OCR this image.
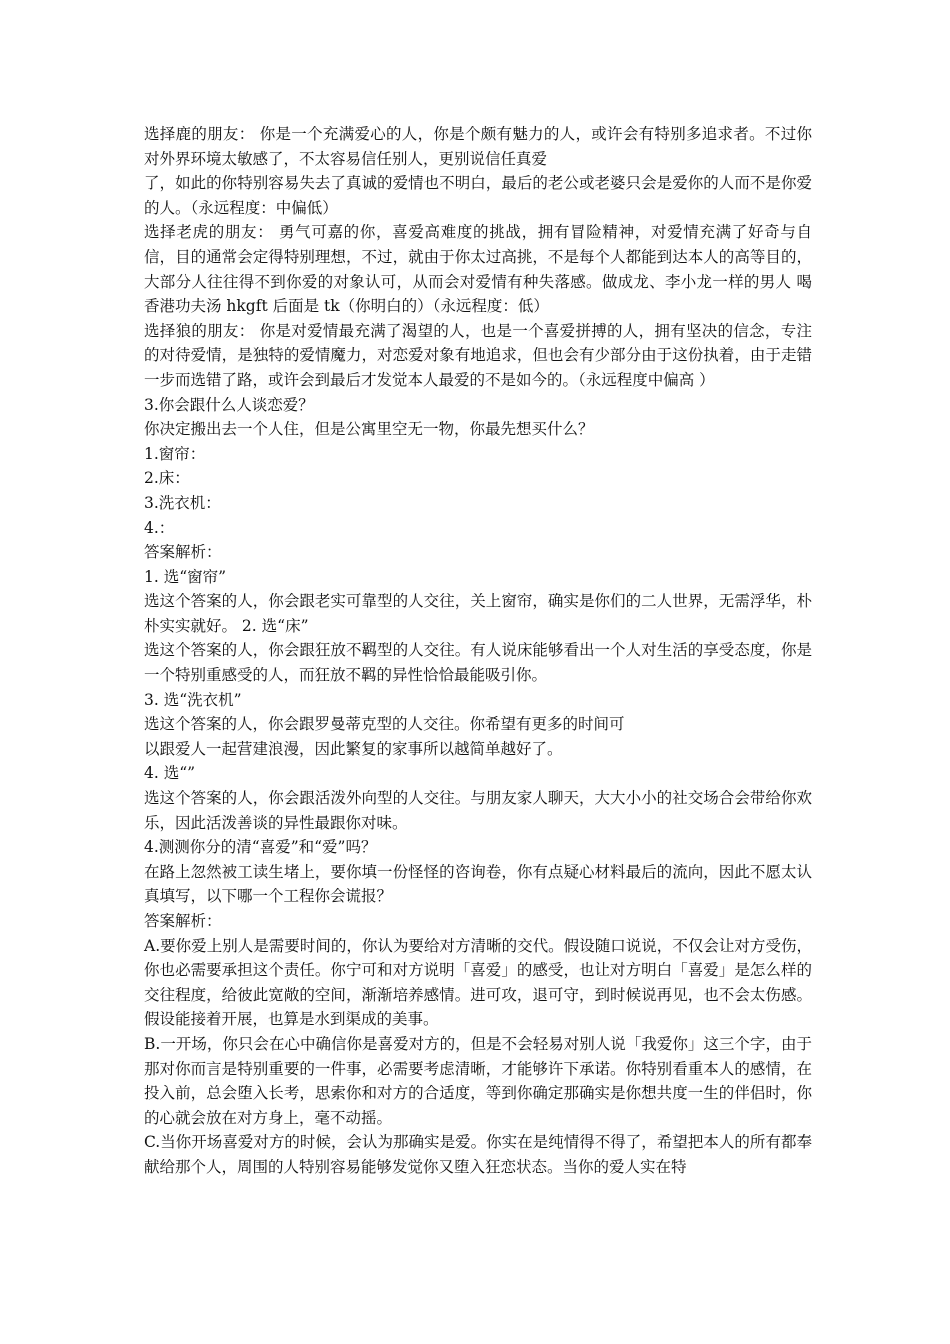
选择鹿的朋友： 你是一个充满爱心的人，你是个颇有魅力的人，或许会有特别多追求者。不过你对外界环境太敏感了，不太容易信任别人，更别说信任真爱

了，如此的你特别容易失去了真诚的爱情也不明白，最后的老公或老婆只会是爱你的人而不是你爱的人。（永远程度：中偏低）

选择老虎的朋友： 勇气可嘉的你，喜爱高难度的挑战，拥有冒险精神，对爱情充满了好奇与自信，目的通常会定得特别理想，不过，就由于你太过高挑，不是每个人都能到达本人的高等目的，大部分人往往得不到你爱的对象认可，从而会对爱情有种失落感。做成龙、李小龙一样的男人 喝香港功夫汤 hkgft 后面是 tk（你明白的）（永远程度：低）

选择狼的朋友： 你是对爱情最充满了渴望的人，也是一个喜爱拼搏的人，拥有坚决的信念，专注的对待爱情，是独特的爱情魔力，对恋爱对象有地追求，但也会有少部分由于这份执着，由于走错一步而选错了路，或许会到最后才发觉本人最爱的不是如今的。（永远程度中偏高 ）

3.你会跟什么人谈恋爱？

你决定搬出去一个人住，但是公寓里空无一物，你最先想买什么？

1.窗帘：

2.床：

3.洗衣机：

4.：

答案解析：

1. 选“窗帘”

选这个答案的人，你会跟老实可靠型的人交往，关上窗帘，确实是你们的二人世界，无需浮华，朴朴实实就好。 2. 选“床”

选这个答案的人，你会跟狂放不羁型的人交往。有人说床能够看出一个人对生活的享受态度，你是一个特别重感受的人，而狂放不羁的异性恰恰最能吸引你。

3. 选“洗衣机”

选这个答案的人，你会跟罗曼蒂克型的人交往。你希望有更多的时间可

以跟爱人一起营建浪漫，因此繁复的家事所以越简单越好了。

4. 选“”

选这个答案的人，你会跟活泼外向型的人交往。与朋友家人聊天，大大小小的社交场合会带给你欢乐，因此活泼善谈的异性最跟你对味。

4.测测你分的清“喜爱”和“爱”吗？

在路上忽然被工读生堵上，要你填一份怪怪的咨询卷，你有点疑心材料最后的流向，因此不愿太认真填写，以下哪一个工程你会谎报？

答案解析：

A.要你爱上别人是需要时间的，你认为要给对方清晰的交代。假设随口说说，不仅会让对方受伤，你也必需要承担这个责任。你宁可和对方说明「喜爱」的感受，也让对方明白「喜爱」是怎么样的交往程度，给彼此宽敞的空间，渐渐培养感情。进可攻，退可守，到时候说再见，也不会太伤感。假设能接着开展，也算是水到渠成的美事。

B.一开场，你只会在心中确信你是喜爱对方的，但是不会轻易对别人说「我爱你」这三个字，由于那对你而言是特别重要的一件事，必需要考虑清晰，才能够许下承诺。你特别看重本人的感情，在投入前，总会堕入长考，思索你和对方的合适度，等到你确定那确实是你想共度一生的伴侣时，你的心就会放在对方身上，毫不动摇。

C.当你开场喜爱对方的时候，会认为那确实是爱。你实在是纯情得不得了，希望把本人的所有都奉献给那个人，周围的人特别容易能够发觉你又堕入狂恋状态。当你的爱人实在特
